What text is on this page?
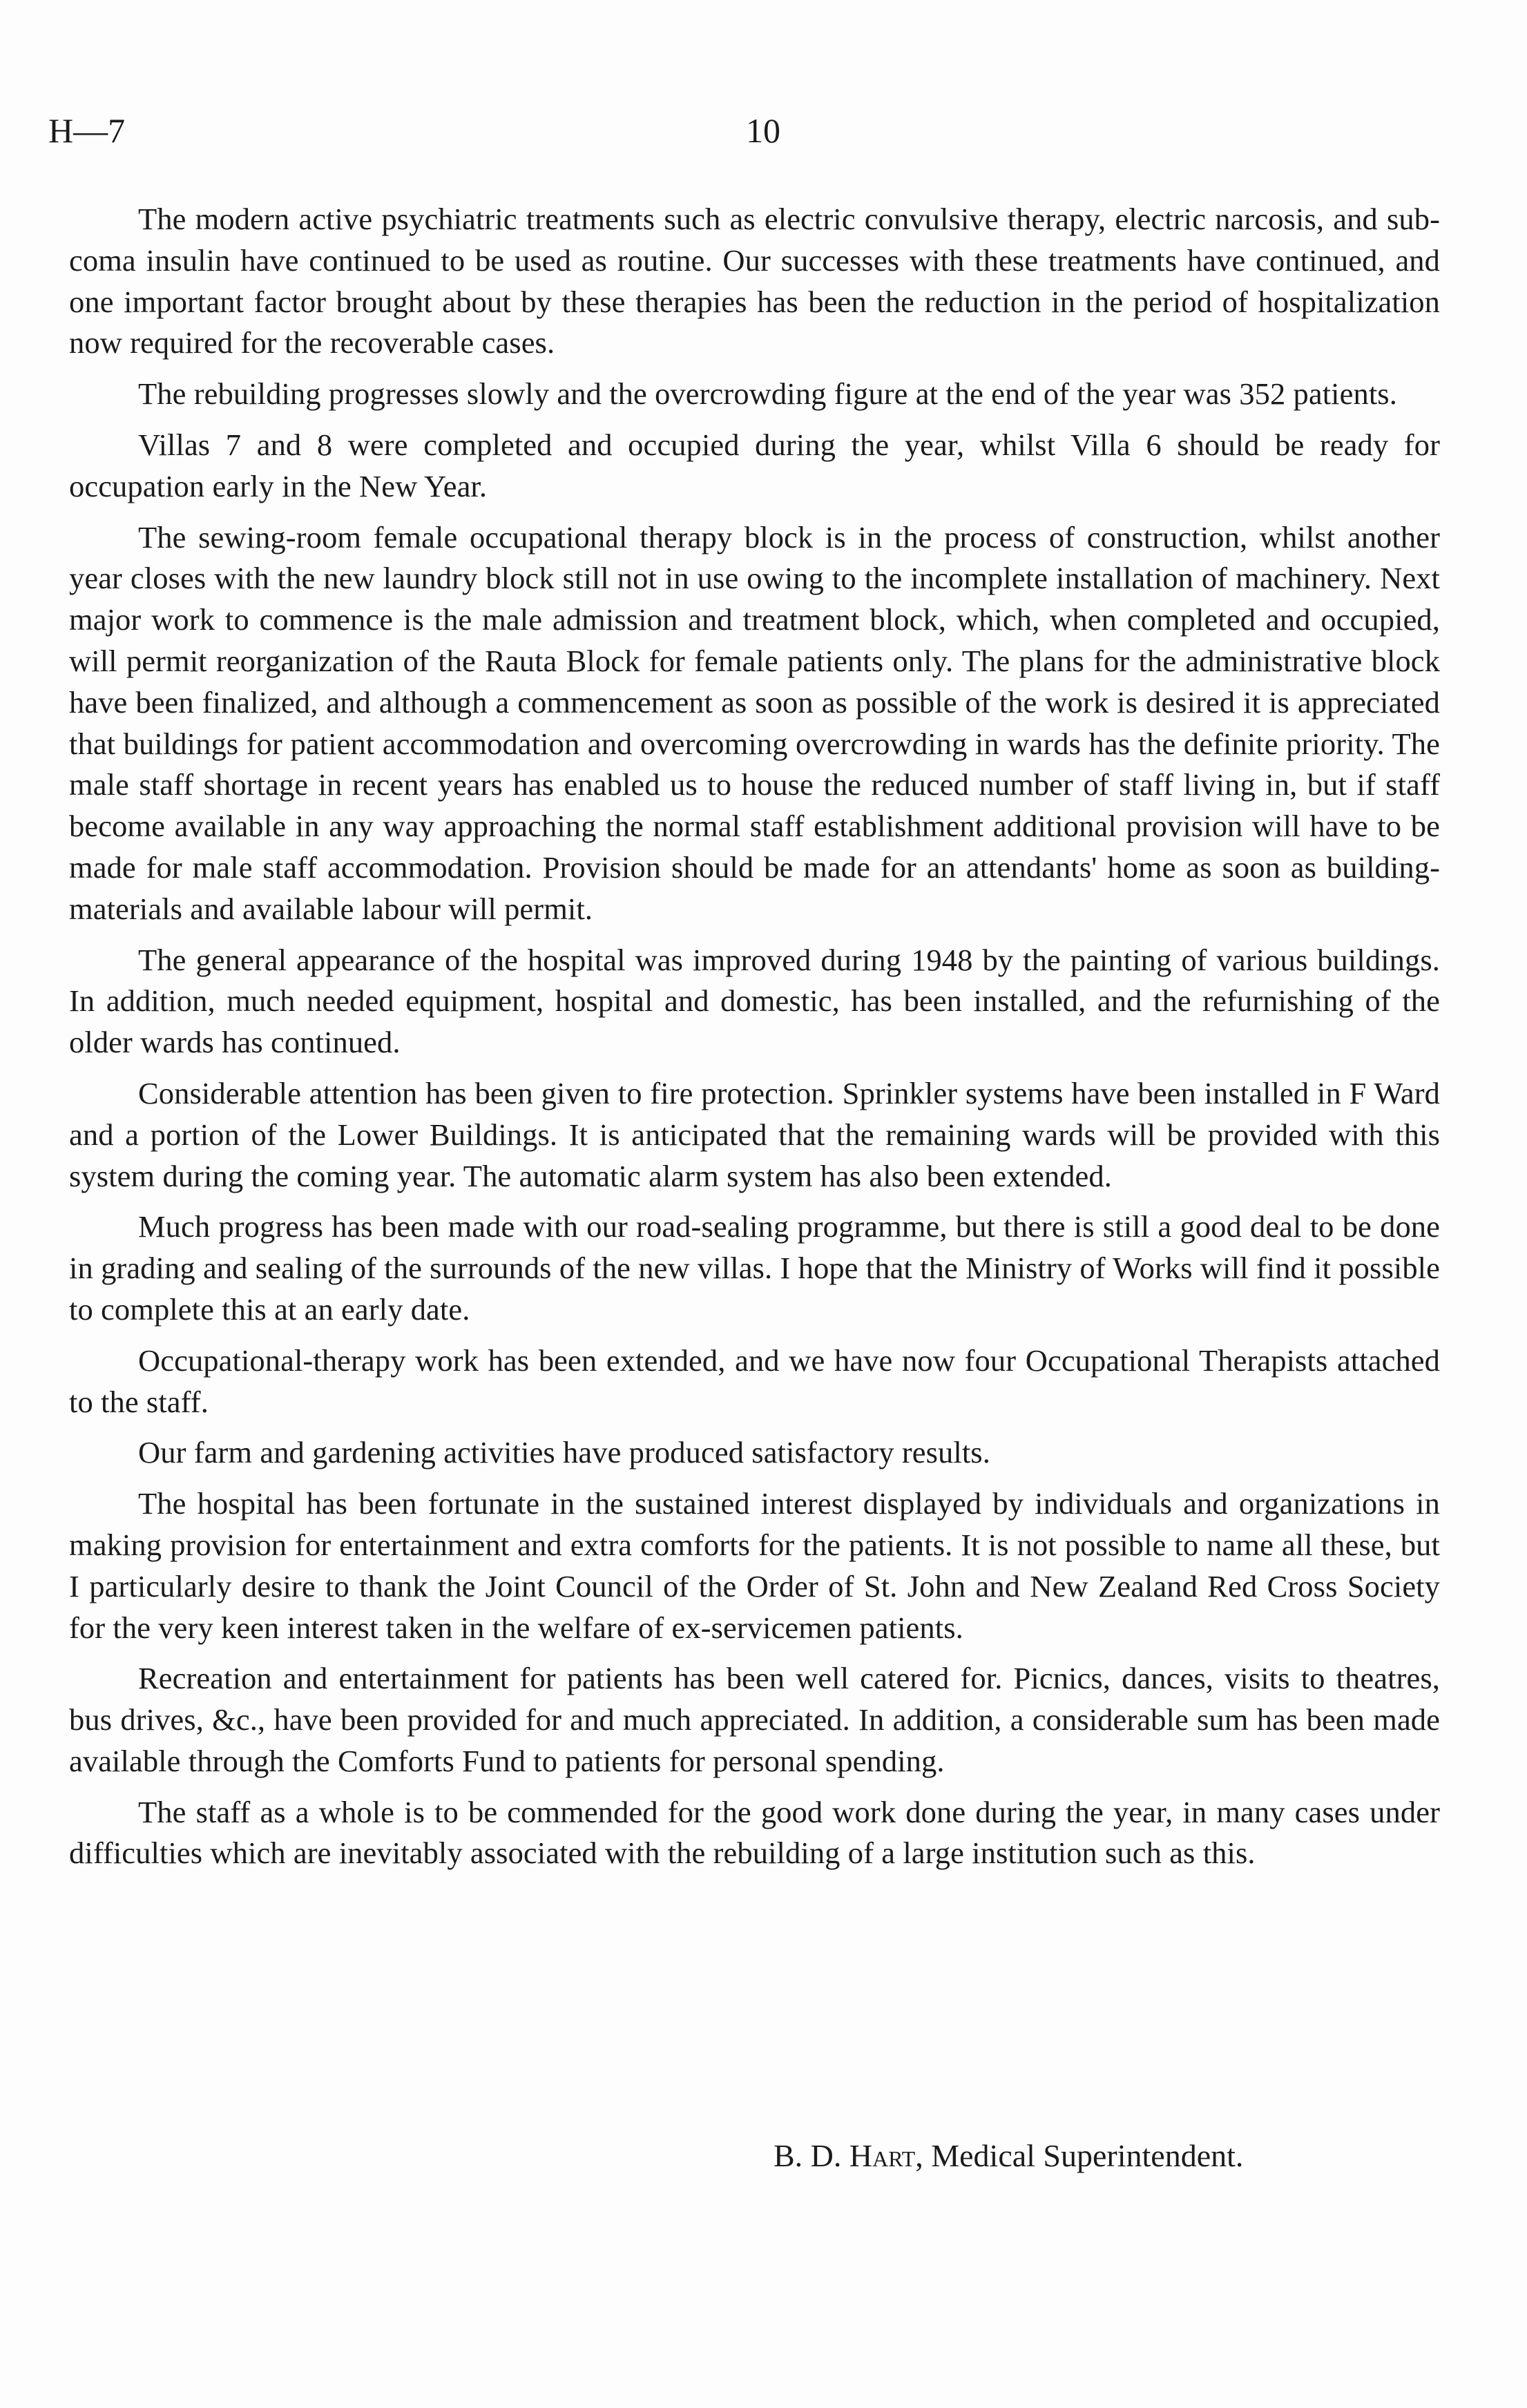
H—7	10

The modern active psychiatric treatments such as electric convulsive therapy, electric narcosis, and sub-coma insulin have continued to be used as routine. Our successes with these treatments have continued, and one important factor brought about by these therapies has been the reduction in the period of hospitalization now required for the recoverable cases.

The rebuilding progresses slowly and the overcrowding figure at the end of the year was 352 patients.

Villas 7 and 8 were completed and occupied during the year, whilst Villa 6 should be ready for occupation early in the New Year.

The sewing-room female occupational therapy block is in the process of construction, whilst another year closes with the new laundry block still not in use owing to the incomplete installation of machinery. Next major work to commence is the male admission and treatment block, which, when completed and occupied, will permit reorganization of the Rauta Block for female patients only. The plans for the administrative block have been finalized, and although a commencement as soon as possible of the work is desired it is appreciated that buildings for patient accommodation and overcoming overcrowding in wards has the definite priority. The male staff shortage in recent years has enabled us to house the reduced number of staff living in, but if staff become available in any way approaching the normal staff establishment additional provision will have to be made for male staff accommodation. Provision should be made for an attendants' home as soon as building-materials and available labour will permit.

The general appearance of the hospital was improved during 1948 by the painting of various buildings. In addition, much needed equipment, hospital and domestic, has been installed, and the refurnishing of the older wards has continued.

Considerable attention has been given to fire protection. Sprinkler systems have been installed in F Ward and a portion of the Lower Buildings. It is anticipated that the remaining wards will be provided with this system during the coming year. The automatic alarm system has also been extended.

Much progress has been made with our road-sealing programme, but there is still a good deal to be done in grading and sealing of the surrounds of the new villas. I hope that the Ministry of Works will find it possible to complete this at an early date.

Occupational-therapy work has been extended, and we have now four Occupational Therapists attached to the staff.

Our farm and gardening activities have produced satisfactory results.

The hospital has been fortunate in the sustained interest displayed by individuals and organizations in making provision for entertainment and extra comforts for the patients. It is not possible to name all these, but I particularly desire to thank the Joint Council of the Order of St. John and New Zealand Red Cross Society for the very keen interest taken in the welfare of ex-servicemen patients.

Recreation and entertainment for patients has been well catered for. Picnics, dances, visits to theatres, bus drives, &c., have been provided for and much appreciated. In addition, a considerable sum has been made available through the Comforts Fund to patients for personal spending.

The staff as a whole is to be commended for the good work done during the year, in many cases under difficulties which are inevitably associated with the rebuilding of a large institution such as this.

B. D. Hart, Medical Superintendent.
